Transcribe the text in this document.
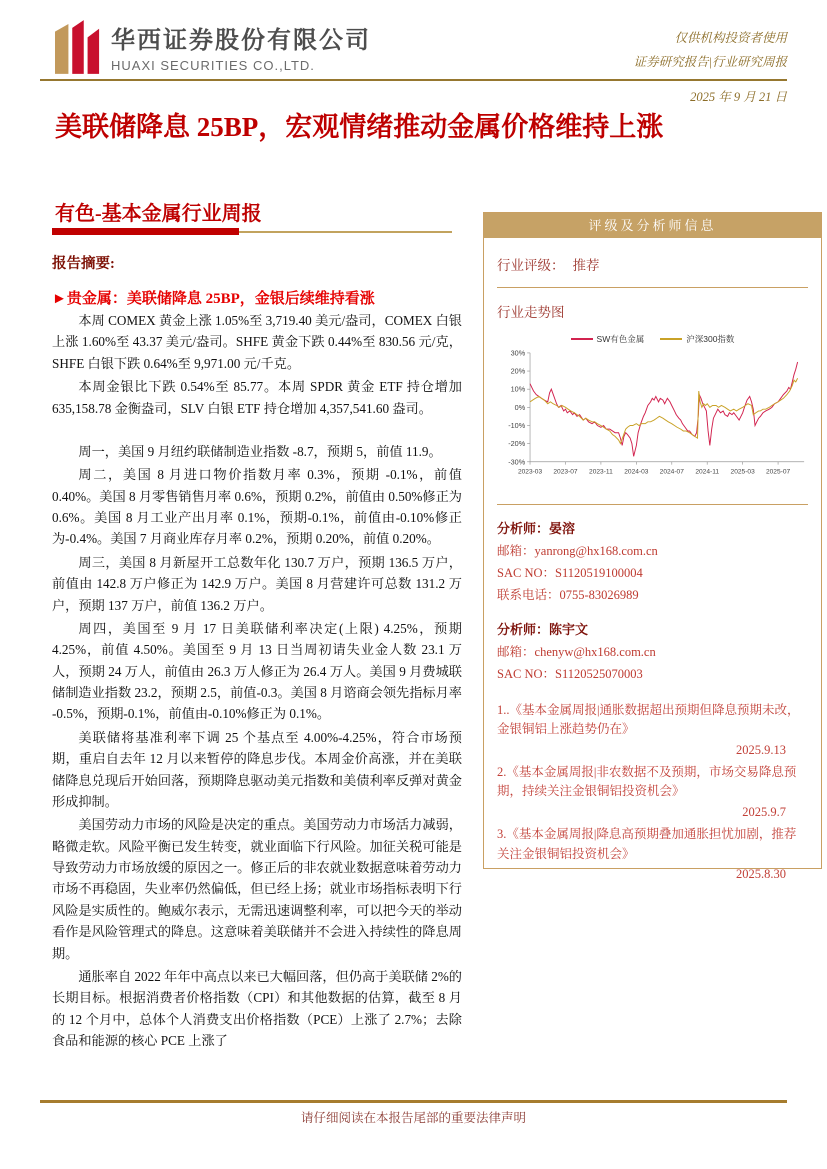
华西证券股份有限公司
HUAXI SECURITIES CO.,LTD.
仅供机构投资者使用
证券研究报告|行业研究周报
2025 年 9 月 21 日
美联储降息 25BP，宏观情绪推动金属价格维持上涨
有色-基本金属行业周报
报告摘要:
►贵金属：美联储降息 25BP，金银后续维持看涨

本周 COMEX 黄金上涨 1.05%至 3,719.40 美元/盎司，COMEX 白银上涨 1.60%至 43.37 美元/盎司。SHFE 黄金下跌 0.44%至 830.56 元/克，SHFE 白银下跌 0.64%至 9,971.00 元/千克。

本周金银比下跌 0.54%至 85.77。本周 SPDR 黄金 ETF 持仓增加 635,158.78 金衡盎司，SLV 白银 ETF 持仓增加 4,357,541.60 盎司。

周一，美国 9 月纽约联储制造业指数 -8.7，预期 5，前值 11.9。

周二，美国 8 月进口物价指数月率 0.3%，预期 -0.1%，前值 0.40%。美国 8 月零售销售月率 0.6%，预期 0.2%，前值由 0.50%修正为 0.6%。美国 8 月工业产出月率 0.1%，预期-0.1%，前值由-0.10%修正为-0.4%。美国 7 月商业库存月率 0.2%，预期 0.20%，前值 0.20%。

周三，美国 8 月新屋开工总数年化 130.7 万户，预期 136.5 万户，前值由 142.8 万户修正为 142.9 万户。美国 8 月营建许可总数 131.2 万户，预期 137 万户，前值 136.2 万户。

周四，美国至 9 月 17 日美联储利率决定(上限) 4.25%，预期 4.25%，前值 4.50%。美国至 9 月 13 日当周初请失业金人数 23.1 万人，预期 24 万人，前值由 26.3 万人修正为 26.4 万人。美国 9 月费城联储制造业指数 23.2，预期 2.5，前值-0.3。美国 8 月谘商会领先指标月率 -0.5%，预期-0.1%，前值由-0.10%修正为 0.1%。

美联储将基准利率下调 25 个基点至 4.00%-4.25%，符合市场预期，重启自去年 12 月以来暂停的降息步伐。本周金价高涨，并在美联储降息兑现后开始回落，预期降息驱动美元指数和美债利率反弹对黄金形成抑制。

美国劳动力市场的风险是决定的重点。美国劳动力市场活力减弱，略微走软。风险平衡已发生转变，就业面临下行风险。加征关税可能是导致劳动力市场放缓的原因之一。修正后的非农就业数据意味着劳动力市场不再稳固，失业率仍然偏低，但已经上扬；就业市场指标表明下行风险是实质性的。鲍威尔表示，无需迅速调整利率，可以把今天的举动看作是风险管理式的降息。这意味着美联储并不会进入持续性的降息周期。

通胀率自 2022 年年中高点以来已大幅回落，但仍高于美联储 2%的长期目标。根据消费者价格指数（CPI）和其他数据的估算，截至 8 月的 12 个月中，总体个人消费支出价格指数（PCE）上涨了 2.7%；去除食品和能源的核心 PCE 上涨了

评级及分析师信息
行业评级： 推荐
行业走势图
SW有色金属	沪深300指数
30%
20%
10%
0%
-10%
-20%
-30%
2023-03 2023-07 2023-11 2024-03 2024-07 2024-11 2025-03 2025-07
分析师：晏溶
邮箱：yanrong@hx168.com.cn
SAC NO：S1120519100004
联系电话：0755-83026989
分析师：陈宇文
邮箱：chenyw@hx168.com.cn
SAC NO：S1120525070003
1..《基本金属周报|通胀数据超出预期但降息预期未改，金银铜铝上涨趋势仍在》
2025.9.13
2.《基本金属周报|非农数据不及预期，市场交易降息预期，持续关注金银铜铝投资机会》
2025.9.7
3.《基本金属周报|降息高预期叠加通胀担忧加剧，推荐关注金银铜铝投资机会》
2025.8.30
请仔细阅读在本报告尾部的重要法律声明
